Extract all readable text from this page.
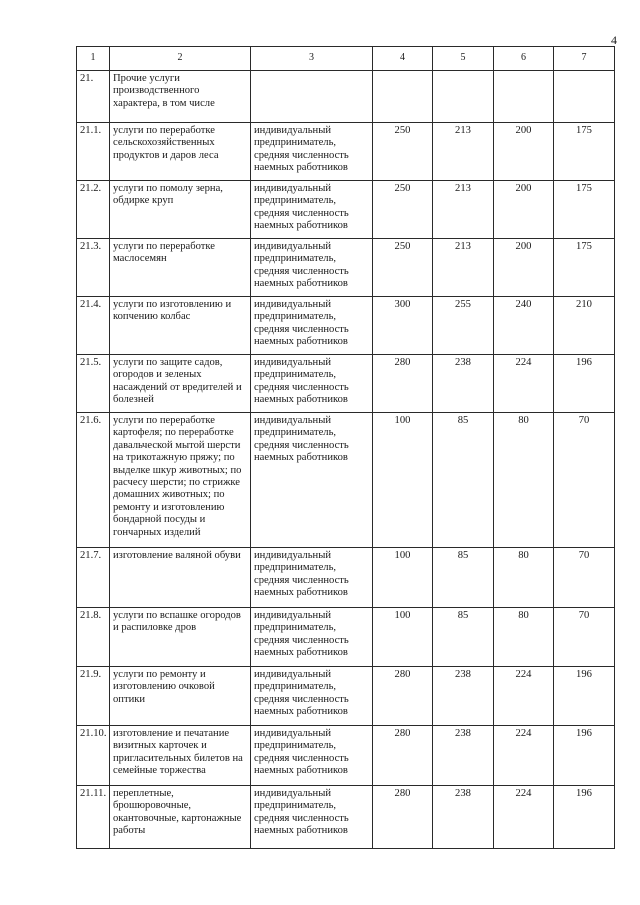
4
1	2	3	4	5	6	7
21.	Прочие услуги производственного характера, в том числе					
21.1.	услуги по переработке сельскохозяйственных продуктов и даров леса	индивидуальный предприниматель, средняя численность наемных работников	250	213	200	175
21.2.	услуги по помолу зерна, обдирке круп	индивидуальный предприниматель, средняя численность наемных работников	250	213	200	175
21.3.	услуги по переработке маслосемян	индивидуальный предприниматель, средняя численность наемных работников	250	213	200	175
21.4.	услуги по изготовлению и копчению колбас	индивидуальный предприниматель, средняя численность наемных работников	300	255	240	210
21.5.	услуги по защите садов, огородов и зеленых насаждений от вредителей и болезней	индивидуальный предприниматель, средняя численность наемных работников	280	238	224	196
21.6.	услуги по переработке картофеля; по переработке давальческой мытой шерсти на трикотажную пряжу; по выделке шкур животных; по расчесу шерсти; по стрижке домашних животных; по ремонту и изготовлению бондарной посуды и гончарных изделий	индивидуальный предприниматель, средняя численность наемных работников	100	85	80	70
21.7.	изготовление валяной обуви	индивидуальный предприниматель, средняя численность наемных работников	100	85	80	70
21.8.	услуги по вспашке огородов и распиловке дров	индивидуальный предприниматель, средняя численность наемных работников	100	85	80	70
21.9.	услуги по ремонту и изготовлению очковой оптики	индивидуальный предприниматель, средняя численность наемных работников	280	238	224	196
21.10.	изготовление и печатание визитных карточек и пригласительных билетов на семейные торжества	индивидуальный предприниматель, средняя численность наемных работников	280	238	224	196
21.11.	переплетные, брошюровочные, окантовочные, картонажные работы	индивидуальный предприниматель, средняя численность наемных работников	280	238	224	196
